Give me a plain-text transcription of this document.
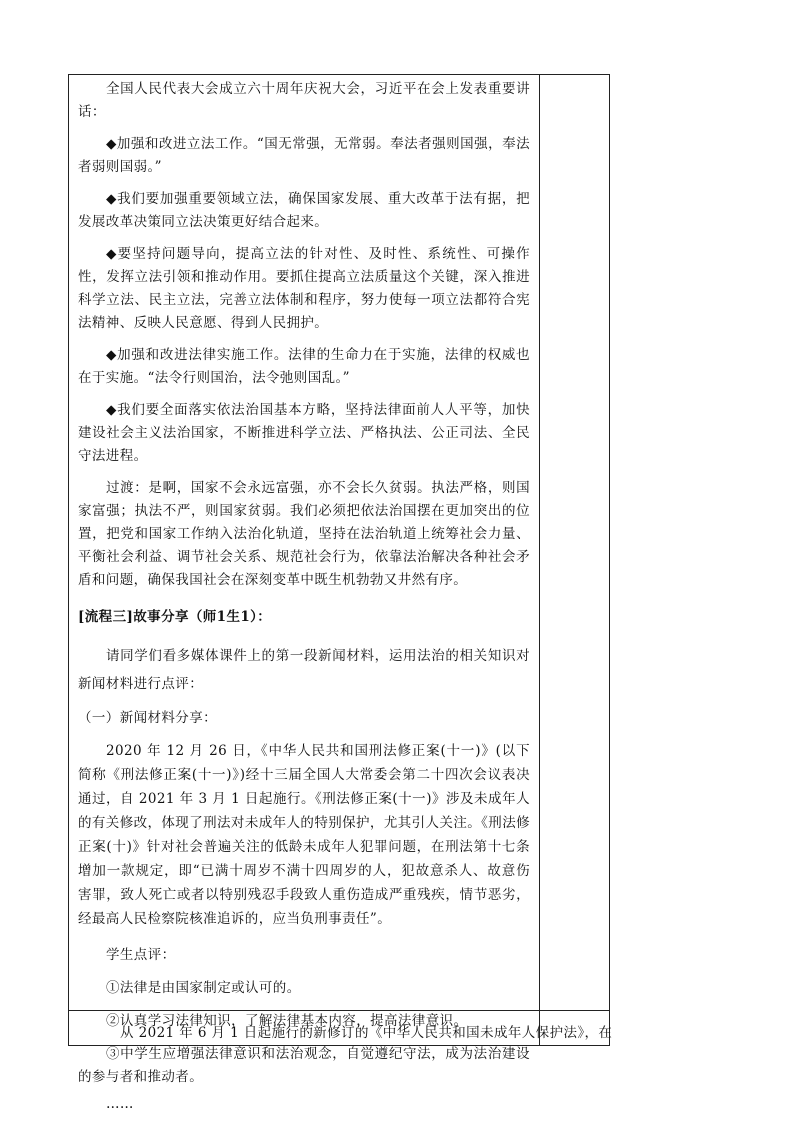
全国人民代表大会成立六十周年庆祝大会，习近平在会上发表重要讲话：

◆加强和改进立法工作。“国无常强，无常弱。奉法者强则国强，奉法者弱则国弱。”

◆我们要加强重要领域立法，确保国家发展、重大改革于法有据，把发展改革决策同立法决策更好结合起来。

◆要坚持问题导向，提高立法的针对性、及时性、系统性、可操作性，发挥立法引领和推动作用。要抓住提高立法质量这个关键，深入推进科学立法、民主立法，完善立法体制和程序，努力使每一项立法都符合宪法精神、反映人民意愿、得到人民拥护。

◆加强和改进法律实施工作。法律的生命力在于实施，法律的权威也在于实施。“法令行则国治，法令弛则国乱。”

◆我们要全面落实依法治国基本方略，坚持法律面前人人平等，加快建设社会主义法治国家，不断推进科学立法、严格执法、公正司法、全民守法进程。

过渡：是啊，国家不会永远富强，亦不会长久贫弱。执法严格，则国家富强；执法不严，则国家贫弱。我们必须把依法治国摆在更加突出的位置，把党和国家工作纳入法治化轨道，坚持在法治轨道上统筹社会力量、平衡社会利益、调节社会关系、规范社会行为，依靠法治解决各种社会矛盾和问题，确保我国社会在深刻变革中既生机勃勃又井然有序。

[流程三]故事分享（师1生1）：

请同学们看多媒体课件上的第一段新闻材料，运用法治的相关知识对新闻材料进行点评：

（一）新闻材料分享：

2020 年 12 月 26 日，《中华人民共和国刑法修正案(十一)》(以下简称《刑法修正案(十一)》)经十三届全国人大常委会第二十四次会议表决通过，自 2021 年 3 月 1 日起施行。《刑法修正案(十一)》涉及未成年人的有关修改，体现了刑法对未成年人的特别保护，尤其引人关注。《刑法修正案(十)》针对社会普遍关注的低龄未成年人犯罪问题，在刑法第十七条增加一款规定，即“已满十周岁不满十四周岁的人，犯故意杀人、故意伤害罪，致人死亡或者以特别残忍手段致人重伤造成严重残疾，情节恶劣，经最高人民检察院核准追诉的，应当负刑事责任”。

学生点评：

①法律是由国家制定或认可的。

②认真学习法律知识，了解法律基本内容，提高法律意识。

③中学生应增强法律意识和法治观念，自觉遵纪守法，成为法治建设的参与者和推动者。

……

从 2021 年 6 月 1 日起施行的新修订的《中华人民共和国未成年人保护法》，在
